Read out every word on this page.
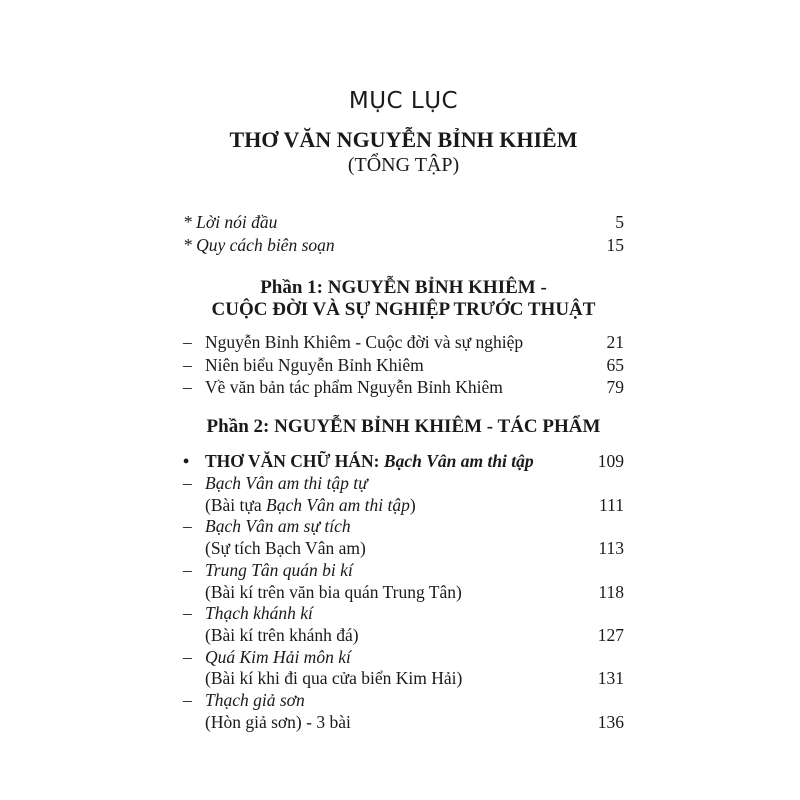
MỤC LỤC
THƠ VĂN NGUYỄN BỈNH KHIÊM
(TỔNG TẬP)
* Lời nói đầu	5
* Quy cách biên soạn	15
Phần 1: NGUYỄN BỈNH KHIÊM -
CUỘC ĐỜI VÀ SỰ NGHIỆP TRƯỚC THUẬT
– Nguyễn Bỉnh Khiêm - Cuộc đời và sự nghiệp	21
– Niên biểu Nguyễn Bỉnh Khiêm	65
– Về văn bản tác phẩm Nguyễn Bỉnh Khiêm	79
Phần 2: NGUYỄN BỈNH KHIÊM - TÁC PHẨM
• THƠ VĂN CHỮ HÁN: Bạch Vân am thi tập	109
– Bạch Vân am thi tập tự
(Bài tựa Bạch Vân am thi tập)	111
– Bạch Vân am sự tích
(Sự tích Bạch Vân am)	113
– Trung Tân quán bi kí
(Bài kí trên văn bia quán Trung Tân)	118
– Thạch khánh kí
(Bài kí trên khánh đá)	127
– Quá Kim Hải môn kí
(Bài kí khi đi qua cửa biển Kim Hải)	131
– Thạch giả sơn
(Hòn giả sơn) - 3 bài	136
